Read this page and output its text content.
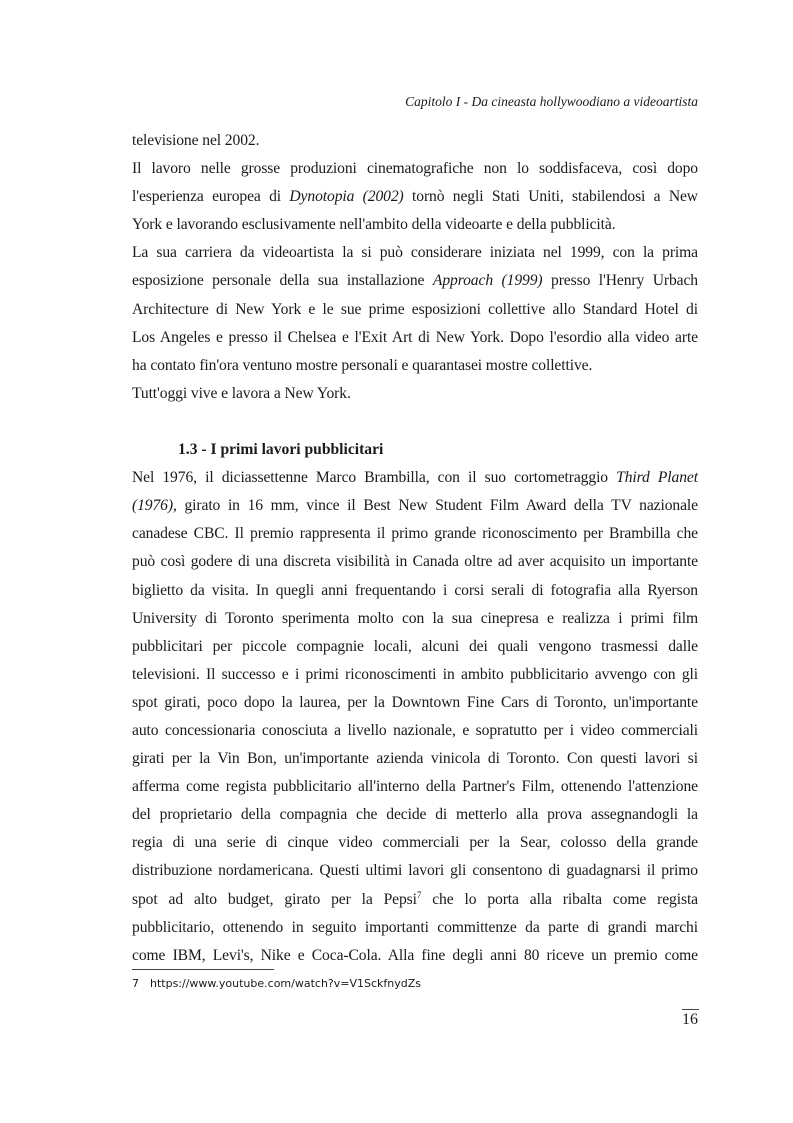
Capitolo I - Da cineasta hollywoodiano a videoartista
televisione nel 2002.
Il lavoro nelle grosse produzioni cinematografiche non lo soddisfaceva, così dopo
l'esperienza europea di Dynotopia (2002) tornò negli Stati Uniti, stabilendosi a New
York e lavorando esclusivamente nell'ambito della videoarte e della pubblicità.
La sua carriera da videoartista la si può considerare iniziata nel 1999, con la prima
esposizione personale della sua installazione Approach (1999) presso l'Henry Urbach
Architecture di New York e le sue prime esposizioni collettive allo Standard Hotel di
Los Angeles e presso il Chelsea e l'Exit Art di New York. Dopo l'esordio alla video arte
ha contato fin'ora ventuno mostre personali e quarantasei mostre collettive.
Tutt'oggi vive e lavora a New York.
1.3 - I primi lavori pubblicitari
Nel 1976, il diciassettenne Marco Brambilla, con il suo cortometraggio Third Planet
(1976), girato in 16 mm, vince il Best New Student Film Award della TV nazionale
canadese CBC. Il premio rappresenta il primo grande riconoscimento per Brambilla che
può così godere di una discreta visibilità in Canada oltre ad aver acquisito un importante
biglietto da visita. In quegli anni frequentando i corsi serali di fotografia alla Ryerson
University di Toronto sperimenta molto con la sua cinepresa e realizza i primi film
pubblicitari per piccole compagnie locali, alcuni dei quali vengono trasmessi dalle
televisioni. Il successo e i primi riconoscimenti in ambito pubblicitario avvengo con gli
spot girati, poco dopo la laurea, per la Downtown Fine Cars di Toronto, un'importante
auto concessionaria conosciuta a livello nazionale, e sopratutto per i video commerciali
girati per la Vin Bon, un'importante azienda vinicola di Toronto. Con questi lavori si
afferma come regista pubblicitario all'interno della Partner's Film, ottenendo l'attenzione
del proprietario della compagnia che decide di metterlo alla prova assegnandogli la
regia di una serie di cinque video commerciali per la Sear, colosso della grande
distribuzione nordamericana. Questi ultimi lavori gli consentono di guadagnarsi il primo
spot ad alto budget, girato per la Pepsi$^7$ che lo porta alla ribalta come regista
pubblicitario, ottenendo in seguito importanti committenze da parte di grandi marchi
come IBM, Levi's, Nike e Coca-Cola. Alla fine degli anni 80 riceve un premio come
7 https://www.youtube.com/watch?v=V1SckfnydZs
16
